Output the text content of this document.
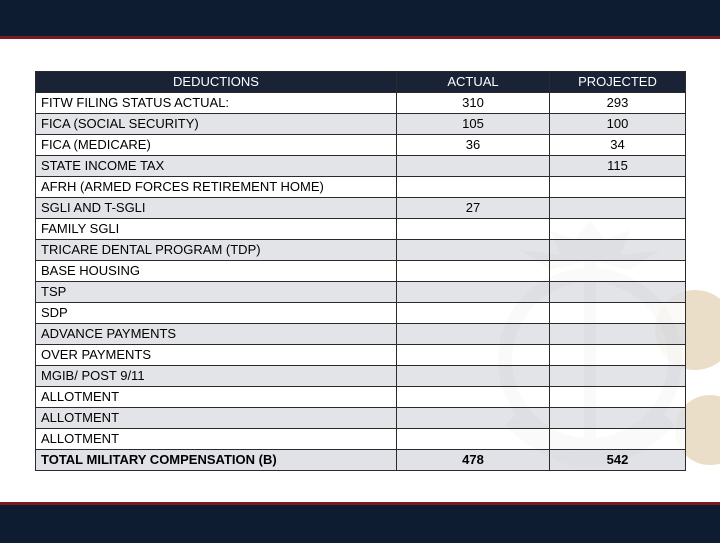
DEDUCTIONS	ACTUAL	PROJECTED
FITW FILING STATUS ACTUAL:	310	293
FICA (SOCIAL SECURITY)	105	100
FICA (MEDICARE)	36	34
STATE INCOME TAX		115
AFRH (ARMED FORCES RETIREMENT HOME)		
SGLI AND T-SGLI	27	
FAMILY SGLI		
TRICARE DENTAL PROGRAM (TDP)		
BASE HOUSING		
TSP		
SDP		
ADVANCE PAYMENTS		
OVER PAYMENTS		
MGIB/ POST 9/11		
ALLOTMENT		
ALLOTMENT		
ALLOTMENT		
TOTAL MILITARY COMPENSATION (B)	478	542
